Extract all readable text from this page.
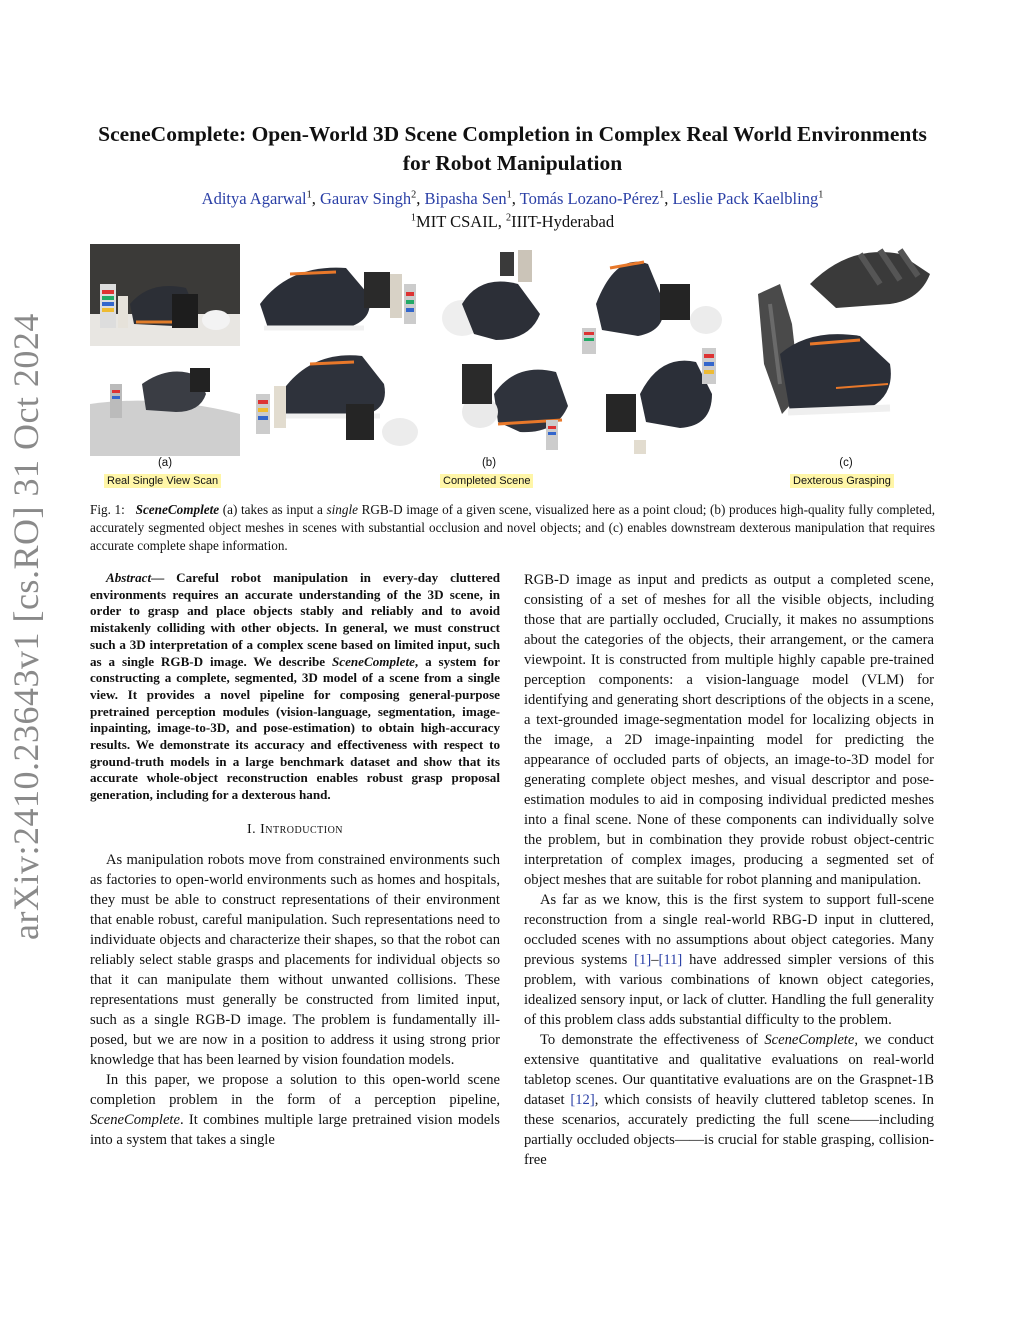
arXiv:2410.23643v1 [cs.RO] 31 Oct 2024
SceneComplete: Open-World 3D Scene Completion in Complex Real World Environments for Robot Manipulation
Aditya Agarwal$^1$, Gaurav Singh$^2$, Bipasha Sen$^1$, Tomás Lozano-Pérez$^1$, Leslie Pack Kaelbling$^1$
$^1$MIT CSAIL, $^2$IIIT-Hyderabad
(a)
Real Single View Scan
(b)
Completed Scene
(c)
Dexterous Grasping
Fig. 1: SceneComplete (a) takes as input a single RGB-D image of a given scene, visualized here as a point cloud; (b) produces high-quality fully completed, accurately segmented object meshes in scenes with substantial occlusion and novel objects; and (c) enables downstream dexterous manipulation that requires accurate complete shape information.
Abstract— Careful robot manipulation in every-day cluttered environments requires an accurate understanding of the 3D scene, in order to grasp and place objects stably and reliably and to avoid mistakenly colliding with other objects. In general, we must construct such a 3D interpretation of a complex scene based on limited input, such as a single RGB-D image. We describe SceneComplete, a system for constructing a complete, segmented, 3D model of a scene from a single view. It provides a novel pipeline for composing general-purpose pretrained perception modules (vision-language, segmentation, image-inpainting, image-to-3D, and pose-estimation) to obtain high-accuracy results. We demonstrate its accuracy and effectiveness with respect to ground-truth models in a large benchmark dataset and show that its accurate whole-object reconstruction enables robust grasp proposal generation, including for a dexterous hand.
I. Introduction

As manipulation robots move from constrained environments such as factories to open-world environments such as homes and hospitals, they must be able to construct representations of their environment that enable robust, careful manipulation. Such representations need to individuate objects and characterize their shapes, so that the robot can reliably select stable grasps and placements for individual objects so that it can manipulate them without unwanted collisions. These representations must generally be constructed from limited input, such as a single RGB-D image. The problem is fundamentally ill-posed, but we are now in a position to address it using strong prior knowledge that has been learned by vision foundation models.

In this paper, we propose a solution to this open-world scene completion problem in the form of a perception pipeline, SceneComplete. It combines multiple large pretrained vision models into a system that takes a single

RGB-D image as input and predicts as output a completed scene, consisting of a set of meshes for all the visible objects, including those that are partially occluded, Crucially, it makes no assumptions about the categories of the objects, their arrangement, or the camera viewpoint. It is constructed from multiple highly capable pre-trained perception components: a vision-language model (VLM) for identifying and generating short descriptions of the objects in a scene, a text-grounded image-segmentation model for localizing objects in the image, a 2D image-inpainting model for predicting the appearance of occluded parts of objects, an image-to-3D model for generating complete object meshes, and visual descriptor and pose-estimation modules to aid in composing individual predicted meshes into a final scene. None of these components can individually solve the problem, but in combination they provide robust object-centric interpretation of complex images, producing a segmented set of object meshes that are suitable for robot planning and manipulation.

As far as we know, this is the first system to support full-scene reconstruction from a single real-world RBG-D input in cluttered, occluded scenes with no assumptions about object categories. Many previous systems [1]–[11] have addressed simpler versions of this problem, with various combinations of known object categories, idealized sensory input, or lack of clutter. Handling the full generality of this problem class adds substantial difficulty to the problem.

To demonstrate the effectiveness of SceneComplete, we conduct extensive quantitative and qualitative evaluations on real-world tabletop scenes. Our quantitative evaluations are on the Graspnet-1B dataset [12], which consists of heavily cluttered tabletop scenes. In these scenarios, accurately predicting the full scene——including partially occluded objects——is crucial for stable grasping, collision-free
